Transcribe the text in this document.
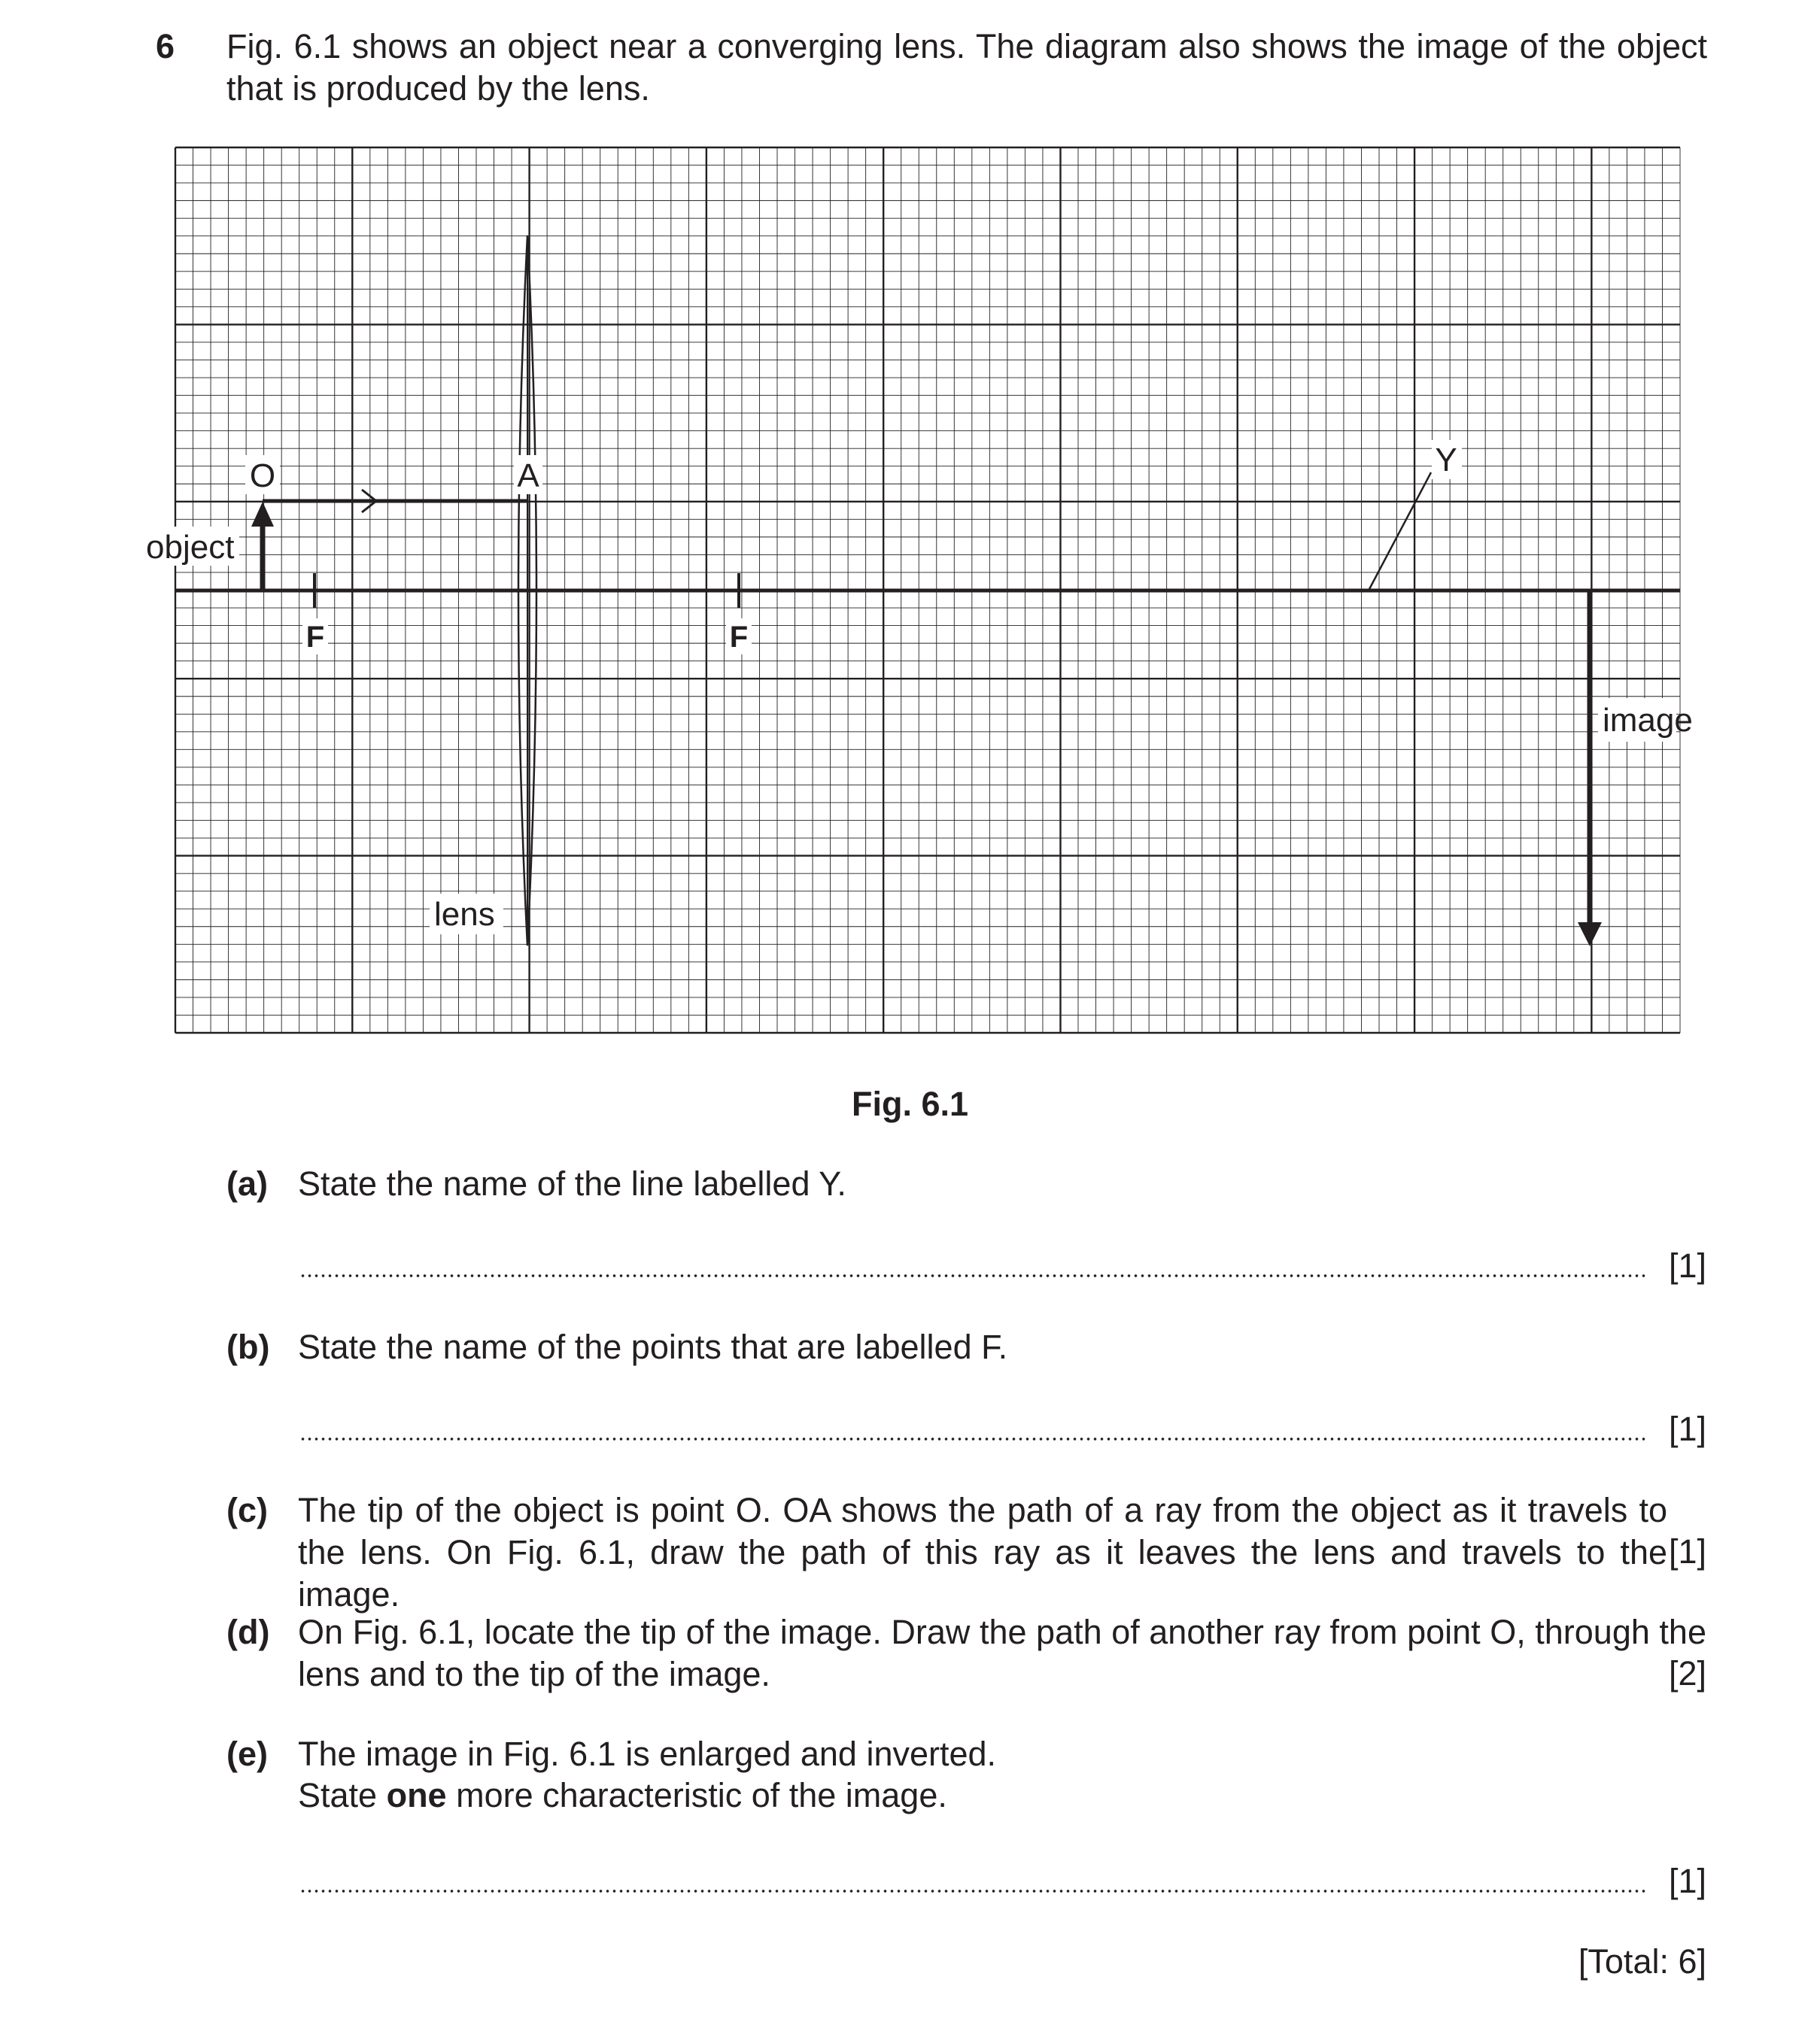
6 Fig. 6.1 shows an object near a converging lens. The diagram also shows the image of the object that is produced by the lens.
object
O	A	Y
F	F
image
lens
Fig. 6.1
(a) State the name of the line labelled Y.
[1]
(b) State the name of the points that are labelled F.
[1]
(c) The tip of the object is point O. OA shows the path of a ray from the object as it travels to the lens. On Fig. 6.1, draw the path of this ray as it leaves the lens and travels to the image.
[1]
(d) On Fig. 6.1, locate the tip of the image. Draw the path of another ray from point O, through the lens and to the tip of the image.	[2]
(e) The image in Fig. 6.1 is enlarged and inverted.
State one more characteristic of the image.
[1]
[Total: 6]
